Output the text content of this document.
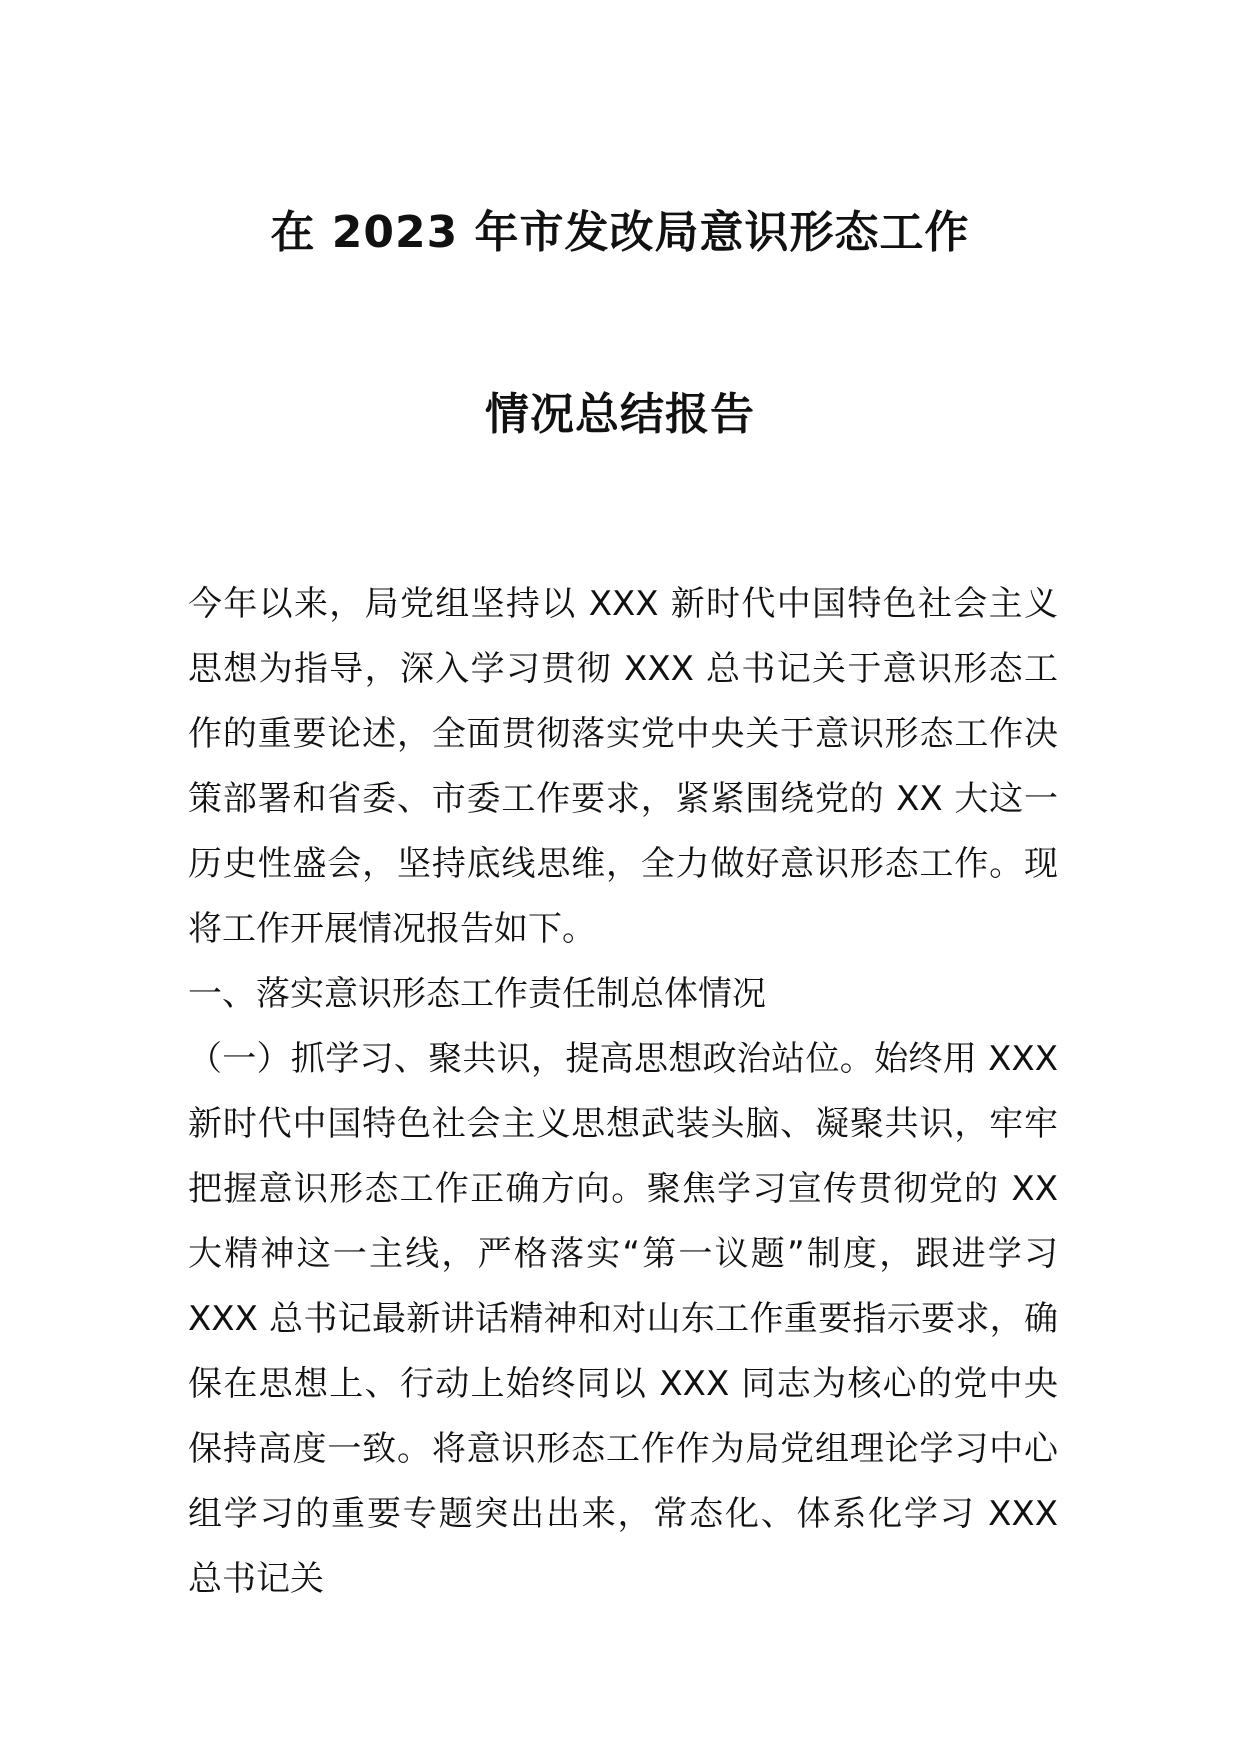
在 2023 年市发改局意识形态工作
情况总结报告

今年以来，局党组坚持以 XXX 新时代中国特色社会主义思想为指导，深入学习贯彻 XXX 总书记关于意识形态工作的重要论述，全面贯彻落实党中央关于意识形态工作决策部署和省委、市委工作要求，紧紧围绕党的 XX 大这一历史性盛会，坚持底线思维，全力做好意识形态工作。现将工作开展情况报告如下。

一、落实意识形态工作责任制总体情况

（一）抓学习、聚共识，提高思想政治站位。始终用 XXX 新时代中国特色社会主义思想武装头脑、凝聚共识，牢牢把握意识形态工作正确方向。聚焦学习宣传贯彻党的 XX 大精神这一主线，严格落实“第一议题”制度，跟进学习 XXX 总书记最新讲话精神和对山东工作重要指示要求，确保在思想上、行动上始终同以 XXX 同志为核心的党中央保持高度一致。将意识形态工作作为局党组理论学习中心组学习的重要专题突出出来，常态化、体系化学习 XXX 总书记关
